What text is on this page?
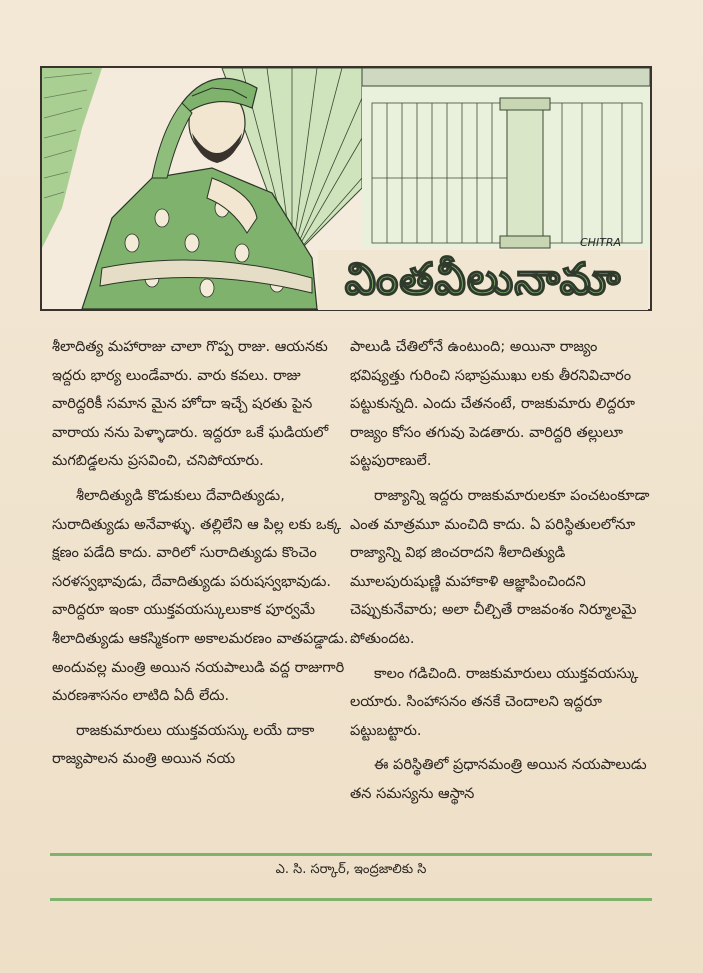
వింతవీలునామా
CHITRA

శీలాదిత్య మహారాజు చాలా గొప్ప రాజు. ఆయనకు ఇద్దరు భార్య లుండేవారు. వారు కవలు. రాజు వారిద్దరికీ సమాన మైన హోదా ఇచ్చే షరతు పైన వారాయ నను పెళ్ళాడారు. ఇద్దరూ ఒకే ఘడియలో మగబిడ్డలను ప్రసవించి, చనిపోయారు.

శీలాదిత్యుడి కొడుకులు దేవాదిత్యుడు, సురాదిత్యుడు అనేవాళ్ళు. తల్లిలేని ఆ పిల్ల లకు ఒక్క క్షణం పడేది కాదు. వారిలో సురాదిత్యుడు కొంచెం సరళస్వభావుడు, దేవాదిత్యుడు పరుషస్వభావుడు. వారిద్దరూ ఇంకా యుక్తవయస్కులుకాక పూర్వమే శీలాదిత్యుడు ఆకస్మికంగా అకాలమరణం వాతపడ్డాడు. అందువల్ల మంత్రి అయిన నయపాలుడి వద్ద రాజుగారి మరణశాసనం లాటిది ఏదీ లేదు.

రాజకుమారులు యుక్తవయస్కు లయే దాకా రాజ్యపాలన మంత్రి అయిన నయ

పాలుడి చేతిలోనే ఉంటుంది; అయినా రాజ్యం భవిష్యత్తు గురించి సభాప్రముఖు లకు తీరనివిచారం పట్టుకున్నది. ఎందు చేతనంటే, రాజకుమారు లిద్దరూ రాజ్యం కోసం తగువు పెడతారు. వారిద్దరి తల్లులూ పట్టపురాణులే.

రాజ్యాన్ని ఇద్దరు రాజకుమారులకూ పంచటంకూడా ఎంత మాత్రమూ మంచిది కాదు. ఏ పరిస్థితులలోనూ రాజ్యాన్ని విభ జించరాదని శీలాదిత్యుడి మూలపురుషుణ్ణి మహాకాళి ఆజ్ఞాపించిందని చెప్పుకునేవారు; అలా చీల్చితే రాజవంశం నిర్మూలమై పోతుందట.

కాలం గడిచింది. రాజకుమారులు యుక్తవయస్కు లయారు. సింహాసనం తనకే చెందాలని ఇద్దరూ పట్టుబట్టారు.

ఈ పరిస్థితిలో ప్రధానమంత్రి అయిన నయపాలుడు తన సమస్యను ఆస్థాన

ఎ. సి. సర్కార్, ఇంద్రజాలికు సి
